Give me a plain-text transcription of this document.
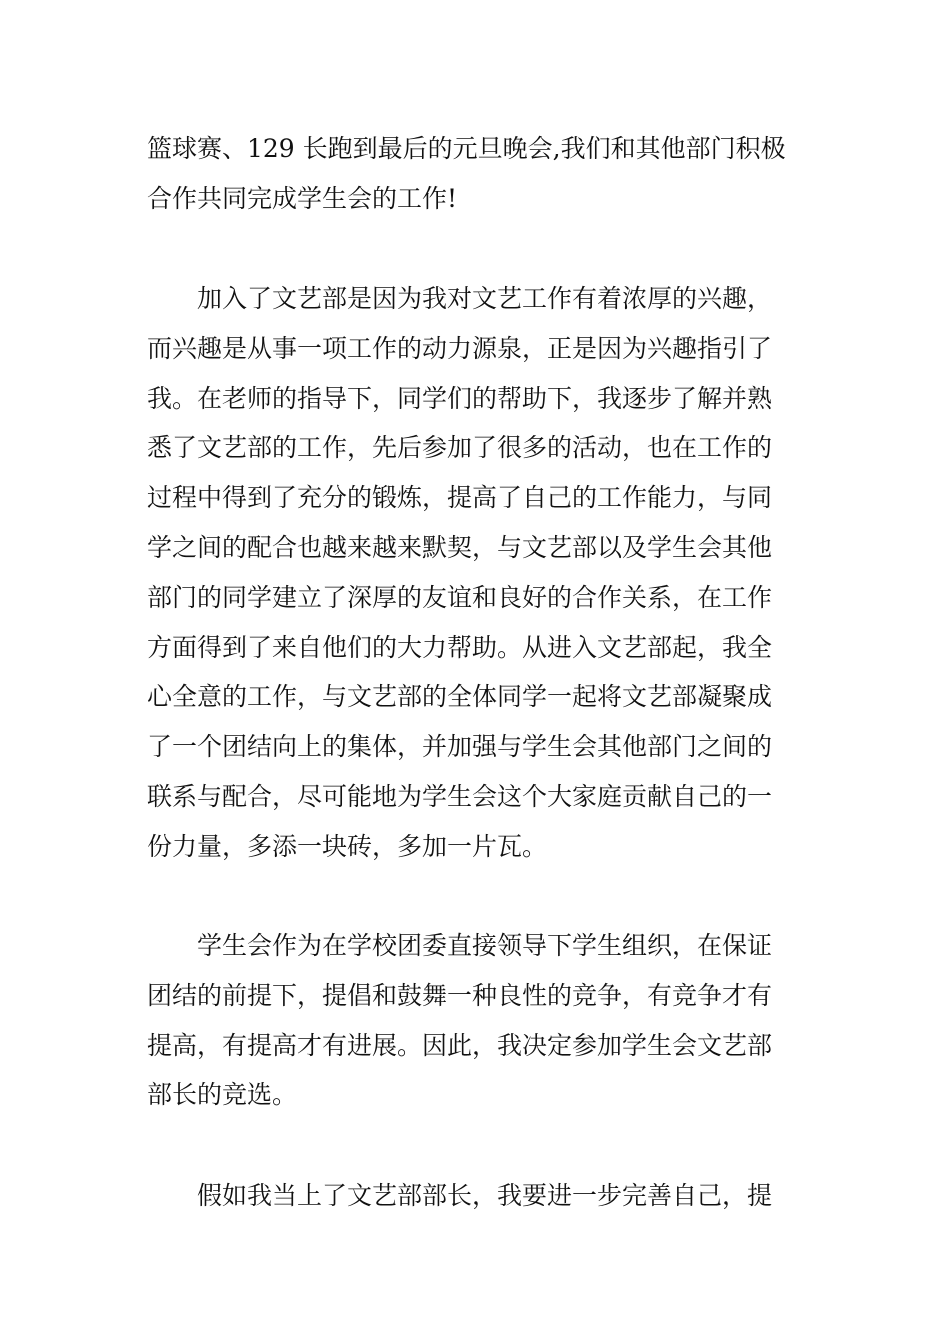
篮球赛、129 长跑到最后的元旦晚会,我们和其他部门积极
合作共同完成学生会的工作!
加入了文艺部是因为我对文艺工作有着浓厚的兴趣，
而兴趣是从事一项工作的动力源泉，正是因为兴趣指引了
我。在老师的指导下，同学们的帮助下，我逐步了解并熟
悉了文艺部的工作，先后参加了很多的活动，也在工作的
过程中得到了充分的锻炼，提高了自己的工作能力，与同
学之间的配合也越来越来默契，与文艺部以及学生会其他
部门的同学建立了深厚的友谊和良好的合作关系，在工作
方面得到了来自他们的大力帮助。从进入文艺部起，我全
心全意的工作，与文艺部的全体同学一起将文艺部凝聚成
了一个团结向上的集体，并加强与学生会其他部门之间的
联系与配合，尽可能地为学生会这个大家庭贡献自己的一
份力量，多添一块砖，多加一片瓦。
学生会作为在学校团委直接领导下学生组织，在保证
团结的前提下，提倡和鼓舞一种良性的竞争，有竞争才有
提高，有提高才有进展。因此，我决定参加学生会文艺部
部长的竞选。
假如我当上了文艺部部长，我要进一步完善自己，提
